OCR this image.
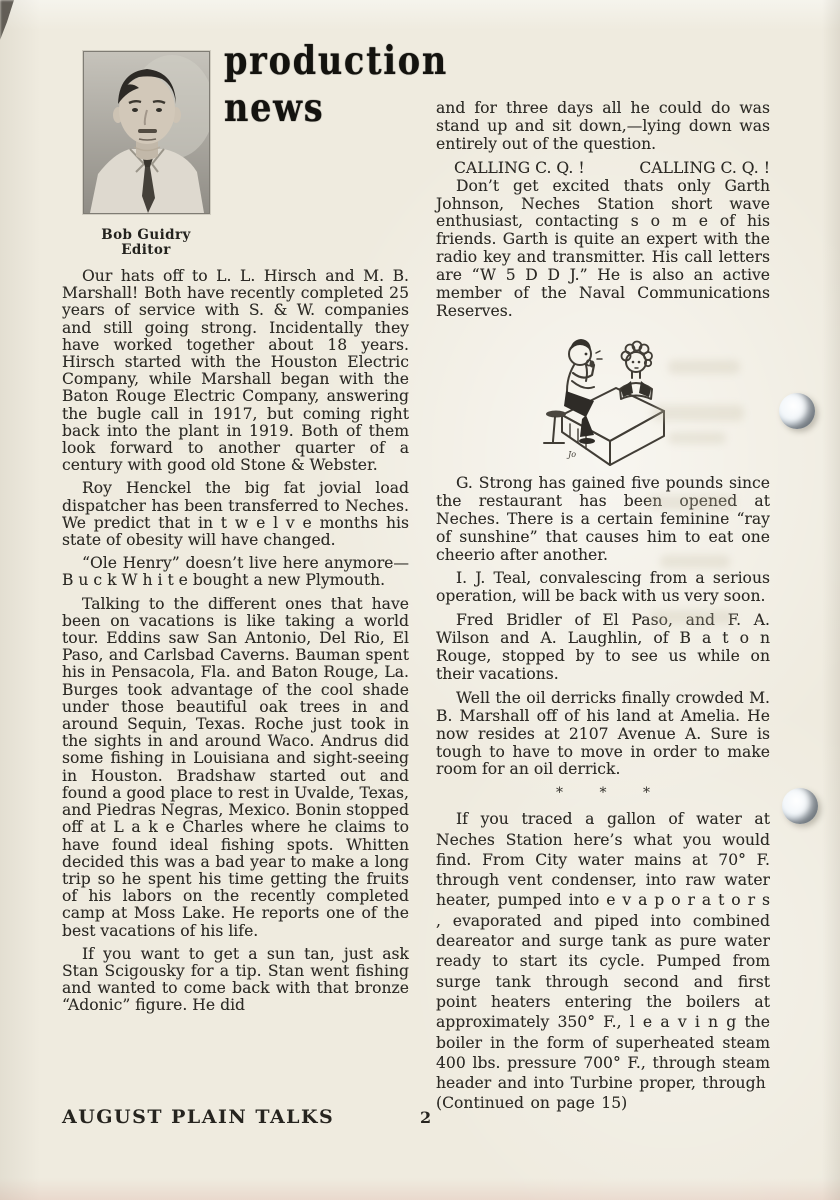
Bob Guidry
Editor
production
news

Our hats off to L. L. Hirsch and M. B. Marshall! Both have recently completed 25 years of service with S. & W. companies and still going strong. Incidentally they have worked together about 18 years. Hirsch started with the Houston Electric Company, while Marshall began with the Baton Rouge Electric Company, answering the bugle call in 1917, but coming right back into the plant in 1919. Both of them look forward to another quarter of a century with good old Stone & Webster.

Roy Henckel the big fat jovial load dispatcher has been transferred to Neches. We predict that in t w e l v e months his state of obesity will have changed.

“Ole Henry” doesn’t live here anymore—B u c k W h i t e bought a new Plymouth.

Talking to the different ones that have been on vacations is like taking a world tour. Eddins saw San Antonio, Del Rio, El Paso, and Carlsbad Caverns. Bauman spent his in Pensacola, Fla. and Baton Rouge, La. Burges took advantage of the cool shade under those beautiful oak trees in and around Sequin, Texas. Roche just took in the sights in and around Waco. Andrus did some fishing in Louisiana and sight-seeing in Houston. Bradshaw started out and found a good place to rest in Uvalde, Texas, and Piedras Negras, Mexico. Bonin stopped off at L a k e Charles where he claims to have found ideal fishing spots. Whitten decided this was a bad year to make a long trip so he spent his time getting the fruits of his labors on the recently completed camp at Moss Lake. He reports one of the best vacations of his life.

If you want to get a sun tan, just ask Stan Scigousky for a tip. Stan went fishing and wanted to come back with that bronze “Adonic” figure. He did

and for three days all he could do was stand up and sit down,—lying down was entirely out of the question.

CALLING C. Q. !	CALLING C. Q. !

Don’t get excited thats only Garth Johnson, Neches Station short wave enthusiast, contacting s o m e of his friends. Garth is quite an expert with the radio key and transmitter. His call letters are “W 5 D D J.” He is also an active member of the Naval Communications Reserves.

Jo

G. Strong has gained five pounds since the restaurant has been opened at Neches. There is a certain feminine “ray of sunshine” that causes him to eat one cheerio after another.

I. J. Teal, convalescing from a serious operation, will be back with us very soon.

Fred Bridler of El Paso, and F. A. Wilson and A. Laughlin, of B a t o n Rouge, stopped by to see us while on their vacations.

Well the oil derricks finally crowded M. B. Marshall off of his land at Amelia. He now resides at 2107 Avenue A. Sure is tough to have to move in order to make room for an oil derrick.

* * *

If you traced a gallon of water at Neches Station here’s what you would find. From City water mains at 70° F. through vent condenser, into raw water heater, pumped into e v a p o r a t o r s , evaporated and piped into combined deareator and surge tank as pure water ready to start its cycle. Pumped from surge tank through second and first point heaters entering the boilers at approximately 350° F., l e a v i n g the boiler in the form of superheated steam 400 lbs. pressure 700° F., through steam header and into Turbine proper, through
(Continued on page 15)

AUGUST PLAIN TALKS	2
